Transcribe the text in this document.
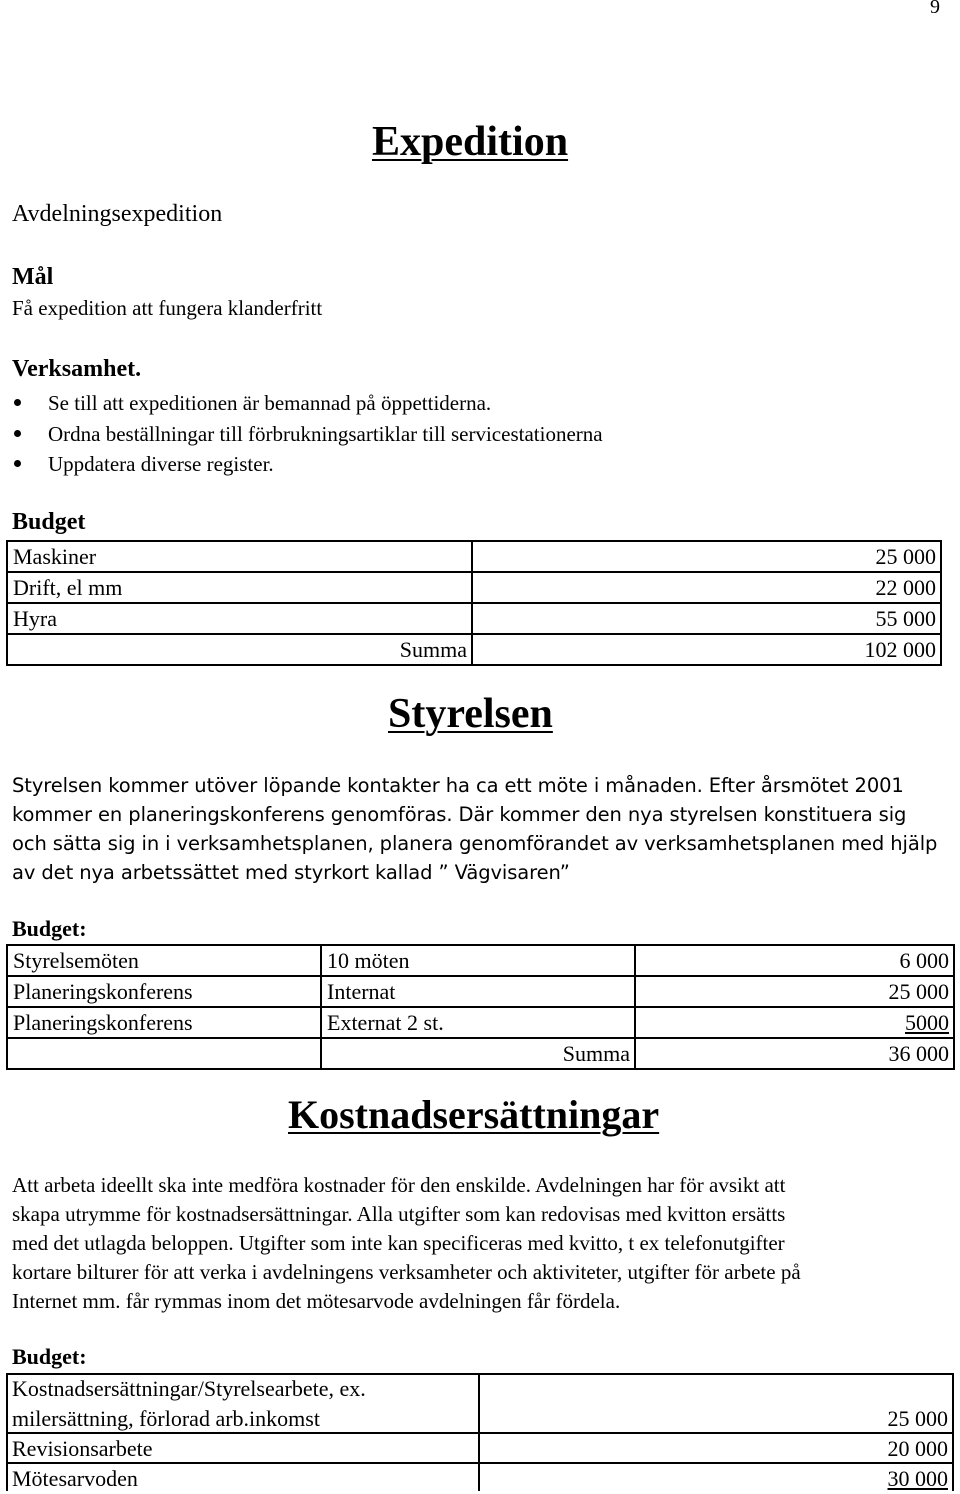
9
Expedition
Avdelningsexpedition
Mål
Få expedition att fungera klanderfritt
Verksamhet.
Se till att expeditionen är bemannad på öppettiderna.
Ordna beställningar till förbrukningsartiklar till servicestationerna
Uppdatera diverse register.
Budget
Maskiner	25 000
Drift, el mm	22 000
Hyra	55 000
Summa	102 000
Styrelsen
Styrelsen kommer utöver löpande kontakter ha ca ett möte i månaden. Efter årsmötet 2001
kommer en planeringskonferens genomföras. Där kommer den nya styrelsen konstituera sig
och sätta sig in i verksamhetsplanen, planera genomförandet av verksamhetsplanen med hjälp
av det nya arbetssättet med styrkort kallad ” Vägvisaren”
Budget:
Styrelsemöten	10 möten	6 000
Planeringskonferens	Internat	25 000
Planeringskonferens	Externat 2 st.	5000
	Summa	36 000
Kostnadsersättningar
Att arbeta ideellt ska inte medföra kostnader för den enskilde. Avdelningen har för avsikt att
skapa utrymme för kostnadsersättningar. Alla utgifter som kan redovisas med kvitton ersätts
med det utlagda beloppen. Utgifter som inte kan specificeras med kvitto, t ex telefonutgifter
kortare bilturer för att verka i avdelningens verksamheter och aktiviteter, utgifter för arbete på
Internet mm. får rymmas inom det mötesarvode avdelningen får fördela.
Budget:
Kostnadsersättningar/Styrelsearbete, ex.	
milersättning, förlorad arb.inkomst	25 000
Revisionsarbete	20 000
Mötesarvoden	30 000
